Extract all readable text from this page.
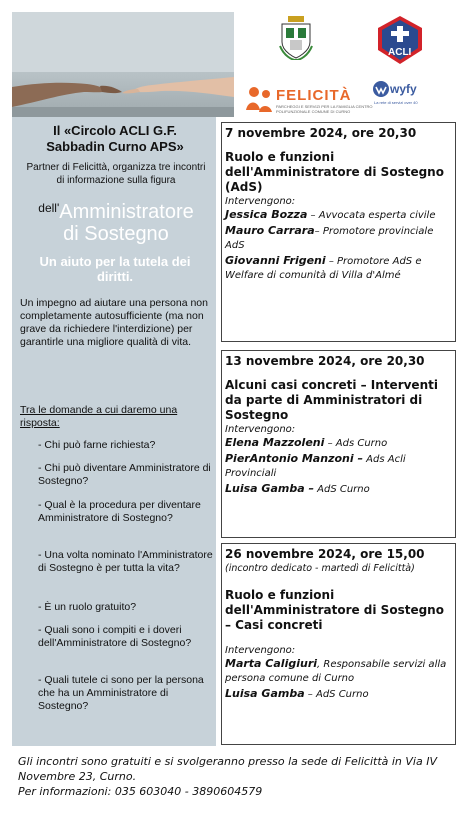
ACLI
FELICITÀ
PARCHEGGI E SERVIZI PER LA FAMIGLIA CENTRO POLIFUNZIONALE COMUNE DI CURNO
wyfy
La rete di servizi over 40
Il «Circolo ACLI G.F.
Sabbadin Curno APS»
Partner di Felicittà, organizza tre incontri di informazione sulla figura
$^{dell'}$Amministratore
di Sostegno
Un aiuto per la tutela dei diritti.
Un impegno ad aiutare una persona non completamente autosufficiente (ma non grave da richiedere l'interdizione) per garantirle una migliore qualità di vita.
Tra le domande a cui daremo una risposta:
- Chi può farne richiesta?
- Chi può diventare Amministratore di Sostegno?
- Qual è la procedura per diventare Amministratore di Sostegno?
- Una volta nominato l'Amministratore di Sostegno è per tutta la vita?
- È un ruolo gratuito?
- Quali sono i compiti e i doveri dell'Amministratore di Sostegno?
- Quali tutele ci sono per la persona che ha un Amministratore di Sostegno?
7 novembre 2024, ore 20,30
Ruolo e funzioni dell'Amministratore di Sostegno (AdS)
Intervengono:
Jessica Bozza – Avvocata esperta civile
Mauro Carrara– Promotore provinciale AdS
Giovanni Frigeni – Promotore AdS e Welfare di comunità di Villa d'Almé
13 novembre 2024, ore 20,30
Alcuni casi concreti – Interventi da parte di Amministratori di Sostegno
Intervengono:
Elena Mazzoleni – Ads Curno
PierAntonio Manzoni – Ads Acli Provinciali
Luisa Gamba – AdS Curno
26 novembre 2024, ore 15,00
(incontro dedicato - martedì di Felicittà)
Ruolo e funzioni dell'Amministratore di Sostegno – Casi concreti
Intervengono:
Marta Caligiuri, Responsabile servizi alla persona comune di Curno
Luisa Gamba – AdS Curno
Gli incontri sono gratuiti e si svolgeranno presso la sede di Felicittà in Via IV Novembre 23, Curno.
Per informazioni: 035 603040 - 3890604579
